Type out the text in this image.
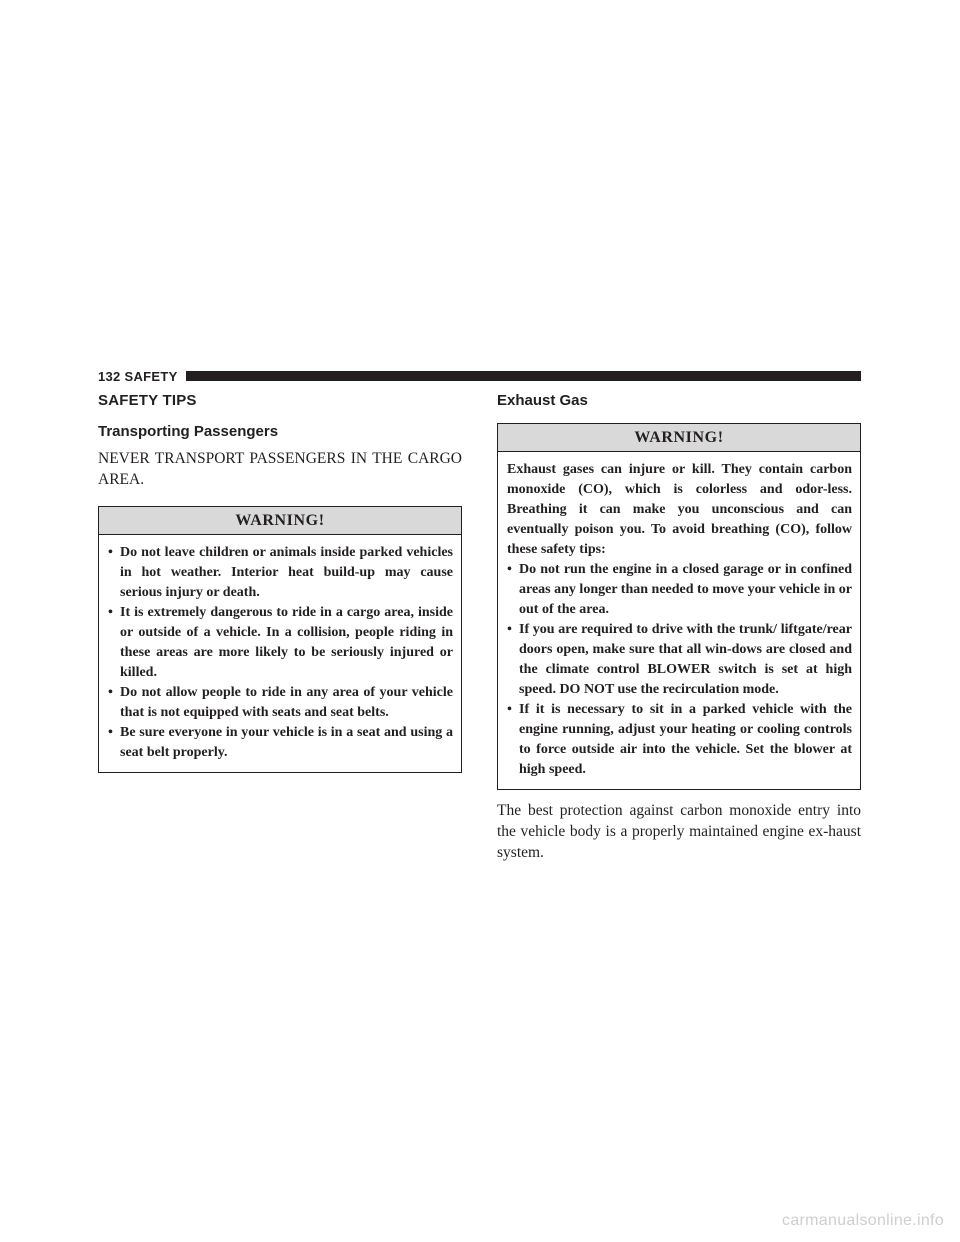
132 SAFETY
SAFETY TIPS
Transporting Passengers

NEVER TRANSPORT PASSENGERS IN THE CARGO AREA.

WARNING!
• Do not leave children or animals inside parked vehicles in hot weather. Interior heat build-up may cause serious injury or death.
• It is extremely dangerous to ride in a cargo area, inside or outside of a vehicle. In a collision, people riding in these areas are more likely to be seriously injured or killed.
• Do not allow people to ride in any area of your vehicle that is not equipped with seats and seat belts.
• Be sure everyone in your vehicle is in a seat and using a seat belt properly.
Exhaust Gas
WARNING!

Exhaust gases can injure or kill. They contain carbon monoxide (CO), which is colorless and odor-less. Breathing it can make you unconscious and can eventually poison you. To avoid breathing (CO), follow these safety tips:

• Do not run the engine in a closed garage or in confined areas any longer than needed to move your vehicle in or out of the area.
• If you are required to drive with the trunk/ liftgate/rear doors open, make sure that all win-dows are closed and the climate control BLOWER switch is set at high speed. DO NOT use the recirculation mode.
• If it is necessary to sit in a parked vehicle with the engine running, adjust your heating or cooling controls to force outside air into the vehicle. Set the blower at high speed.

The best protection against carbon monoxide entry into the vehicle body is a properly maintained engine ex-haust system.

carmanualsonline.info
